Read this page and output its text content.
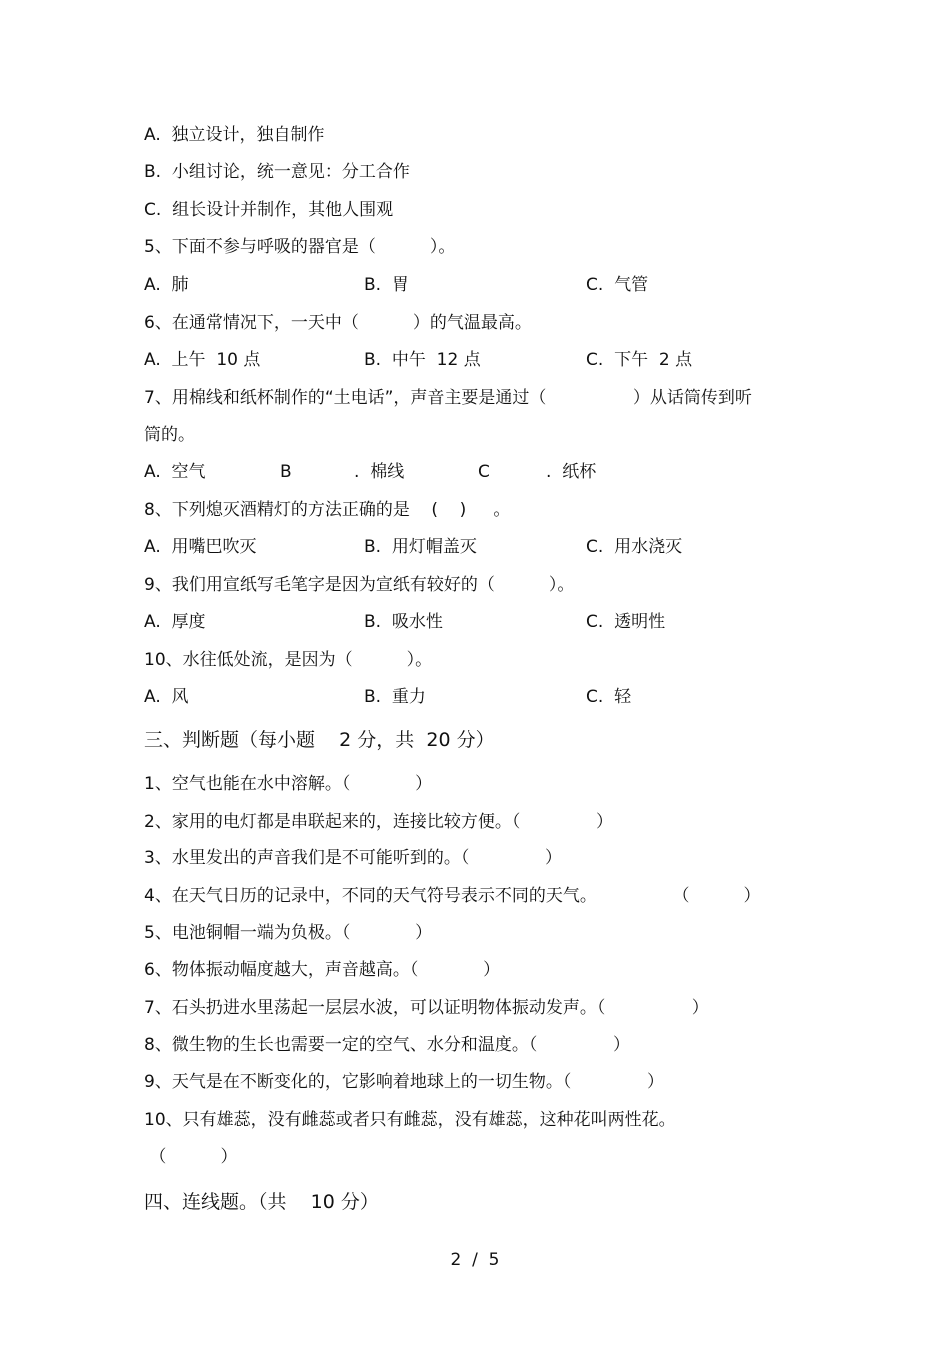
A.  独立设计，独自制作
B.  小组讨论，统一意见：分工合作
C.  组长设计并制作，其他人围观
5、下面不参与呼吸的器官是（          ）。
A.  肺	B.  胃	C.  气管
6、在通常情况下，一天中（          ）的气温最高。
A.  上午  10 点	B.  中午  12 点	C.  下午  2 点
7、用棉线和纸杯制作的“土电话”，声音主要是通过（                ）从话筒传到听
筒的。
A.  空气	B	.  棉线	C	.  纸杯
8、下列熄灭酒精灯的方法正确的是    (    )     。
A.  用嘴巴吹灭	B.  用灯帽盖灭	C.  用水浇灭
9、我们用宣纸写毛笔字是因为宣纸有较好的（          ）。
A.  厚度	B.  吸水性	C.  透明性
10、水往低处流，是因为（          ）。
A.  风	B.  重力	C.  轻
三、判断题（每小题    2 分，共  20 分）
1、空气也能在水中溶解。（            ）
2、家用的电灯都是串联起来的，连接比较方便。（              ）
3、水里发出的声音我们是不可能听到的。（              ）
4、在天气日历的记录中，不同的天气符号表示不同的天气。              （          ）
5、电池铜帽一端为负极。（            ）
6、物体振动幅度越大，声音越高。（            ）
7、石头扔进水里荡起一层层水波，可以证明物体振动发声。（                ）
8、微生物的生长也需要一定的空气、水分和温度。（              ）
9、天气是在不断变化的，它影响着地球上的一切生物。（              ）
10、只有雄蕊，没有雌蕊或者只有雌蕊，没有雄蕊，这种花叫两性花。
（          ）
四、连线题。（共    10 分）
2  /  5
